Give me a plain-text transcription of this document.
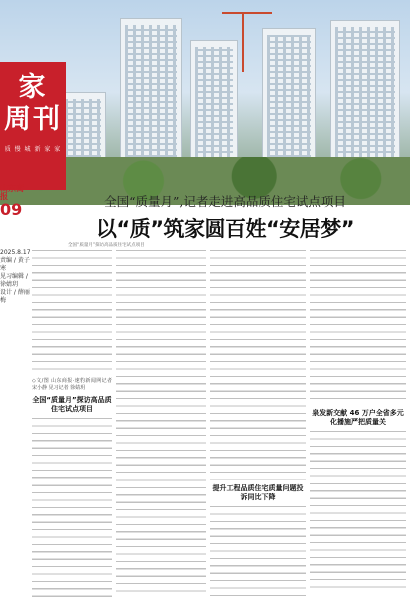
家
周刊
质 慢 城 新 家 家
山东商报
09
2025.8.17
责编 / 黄子寒
见习编辑 / 徐婧玥
设计 / 薛丽梅
全国“质量月”,记者走进高品质住宅试点项目
以“质”筑家圆百姓“安居梦”
全国“质量月”探访高品质住宅试点项目
◇文/图 山东商报·速豹新闻网记者 宋小静 见习记者 徐婧玥
全国“质量月”探访高品质住宅试点项目
提升工程品质住宅质量问题投诉同比下降
泉发新交献 46 万户全省多元化播施严把质量关
